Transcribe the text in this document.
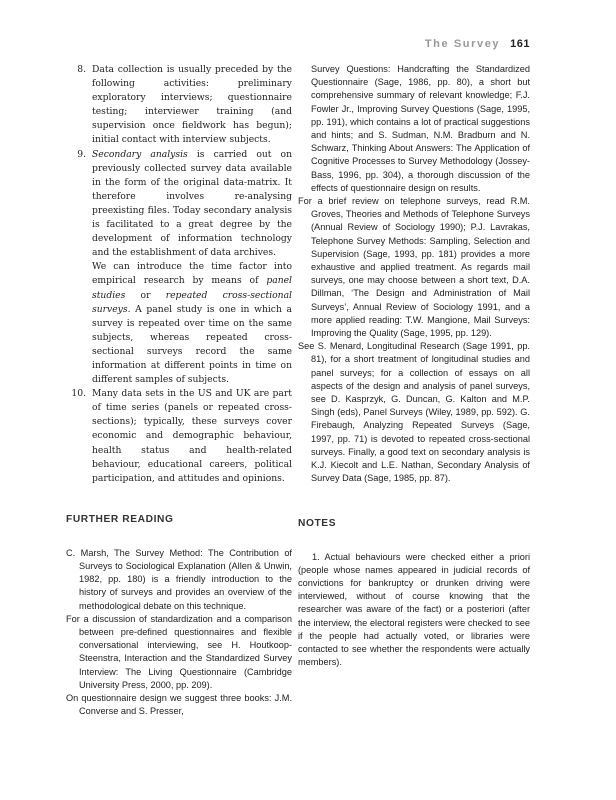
The Survey 161
8. Data collection is usually preceded by the following activities: preliminary exploratory interviews; questionnaire testing; interviewer training (and supervision once fieldwork has begun); initial contact with interview subjects.

9. Secondary analysis is carried out on previously collected survey data available in the form of the original data-matrix. It therefore involves re-analysing preexisting files. Today secondary analysis is facilitated to a great degree by the development of information technology and the establishment of data archives.

We can introduce the time factor into empirical research by means of panel studies or repeated cross-sectional surveys. A panel study is one in which a survey is repeated over time on the same subjects, whereas repeated cross-sectional surveys record the same information at different points in time on different samples of subjects.

10. Many data sets in the US and UK are part of time series (panels or repeated cross-sections); typically, these surveys cover economic and demographic behaviour, health status and health-related behaviour, educational careers, political participation, and attitudes and opinions.

FURTHER READING

C. Marsh, The Survey Method: The Contribution of Surveys to Sociological Explanation (Allen & Unwin, 1982, pp. 180) is a friendly introduction to the history of surveys and provides an overview of the methodological debate on this technique.

For a discussion of standardization and a comparison between pre-defined questionnaires and flexible conversational interviewing, see H. Houtkoop-Steenstra, Interaction and the Standardized Survey Interview: The Living Questionnaire (Cambridge University Press, 2000, pp. 209).

On questionnaire design we suggest three books: J.M. Converse and S. Presser,

Survey Questions: Handcrafting the Standardized Questionnaire (Sage, 1986, pp. 80), a short but comprehensive summary of relevant knowledge; F.J. Fowler Jr., Improving Survey Questions (Sage, 1995, pp. 191), which contains a lot of practical suggestions and hints; and S. Sudman, N.M. Bradburn and N. Schwarz, Thinking About Answers: The Application of Cognitive Processes to Survey Methodology (Jossey-Bass, 1996, pp. 304), a thorough discussion of the effects of questionnaire design on results.

For a brief review on telephone surveys, read R.M. Groves, Theories and Methods of Telephone Surveys (Annual Review of Sociology 1990); P.J. Lavrakas, Telephone Survey Methods: Sampling, Selection and Supervision (Sage, 1993, pp. 181) provides a more exhaustive and applied treatment. As regards mail surveys, one may choose between a short text, D.A. Dillman, ‘The Design and Administration of Mail Surveys’, Annual Review of Sociology 1991, and a more applied reading: T.W. Mangione, Mail Surveys: Improving the Quality (Sage, 1995, pp. 129).

See S. Menard, Longitudinal Research (Sage 1991, pp. 81), for a short treatment of longitudinal studies and panel surveys; for a collection of essays on all aspects of the design and analysis of panel surveys, see D. Kasprzyk, G. Duncan, G. Kalton and M.P. Singh (eds), Panel Surveys (Wiley, 1989, pp. 592). G. Firebaugh, Analyzing Repeated Surveys (Sage, 1997, pp. 71) is devoted to repeated cross-sectional surveys. Finally, a good text on secondary analysis is K.J. Kiecolt and L.E. Nathan, Secondary Analysis of Survey Data (Sage, 1985, pp. 87).

NOTES

1. Actual behaviours were checked either a priori (people whose names appeared in judicial records of convictions for bankruptcy or drunken driving were interviewed, without of course knowing that the researcher was aware of the fact) or a posteriori (after the interview, the electoral registers were checked to see if the people had actually voted, or libraries were contacted to see whether the respondents were actually members).
